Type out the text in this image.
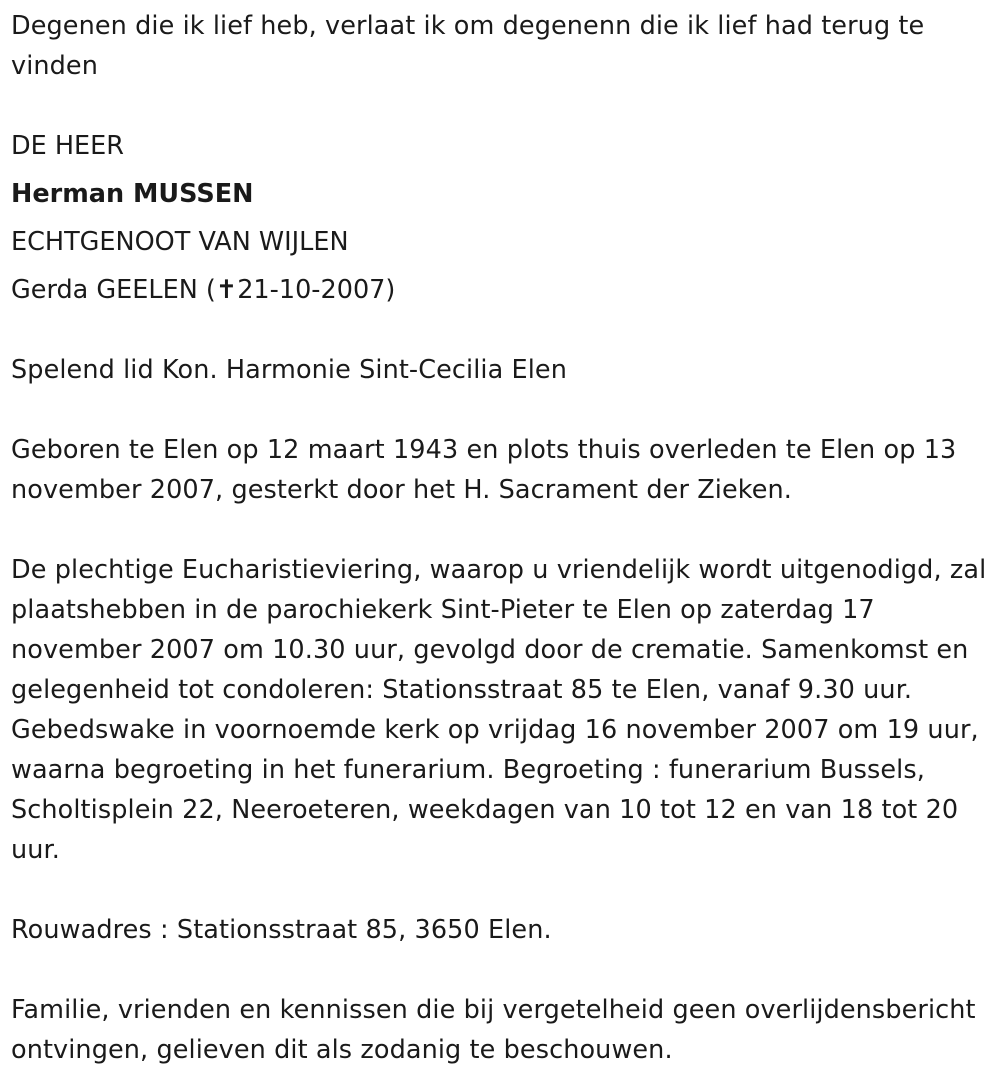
Degenen die ik lief heb, verlaat ik om degenenn die ik lief had terug te vinden

DE HEER
Herman MUSSEN
ECHTGENOOT VAN WIJLEN
Gerda GEELEN (✝21-10-2007)

Spelend lid Kon. Harmonie Sint-Cecilia Elen

Geboren te Elen op 12 maart 1943 en plots thuis overleden te Elen op 13 november 2007, gesterkt door het H. Sacrament der Zieken.

De plechtige Eucharistieviering, waarop u vriendelijk wordt uitgenodigd, zal plaatshebben in de parochiekerk Sint-Pieter te Elen op zaterdag 17 november 2007 om 10.30 uur, gevolgd door de crematie. Samenkomst en gelegenheid tot condoleren: Stationsstraat 85 te Elen, vanaf 9.30 uur. Gebedswake in voornoemde kerk op vrijdag 16 november 2007 om 19 uur, waarna begroeting in het funerarium. Begroeting : funerarium Bussels, Scholtisplein 22, Neeroeteren, weekdagen van 10 tot 12 en van 18 tot 20 uur.

Rouwadres : Stationsstraat 85, 3650 Elen.

Familie, vrienden en kennissen die bij vergetelheid geen overlijdensbericht ontvingen, gelieven dit als zodanig te beschouwen.
